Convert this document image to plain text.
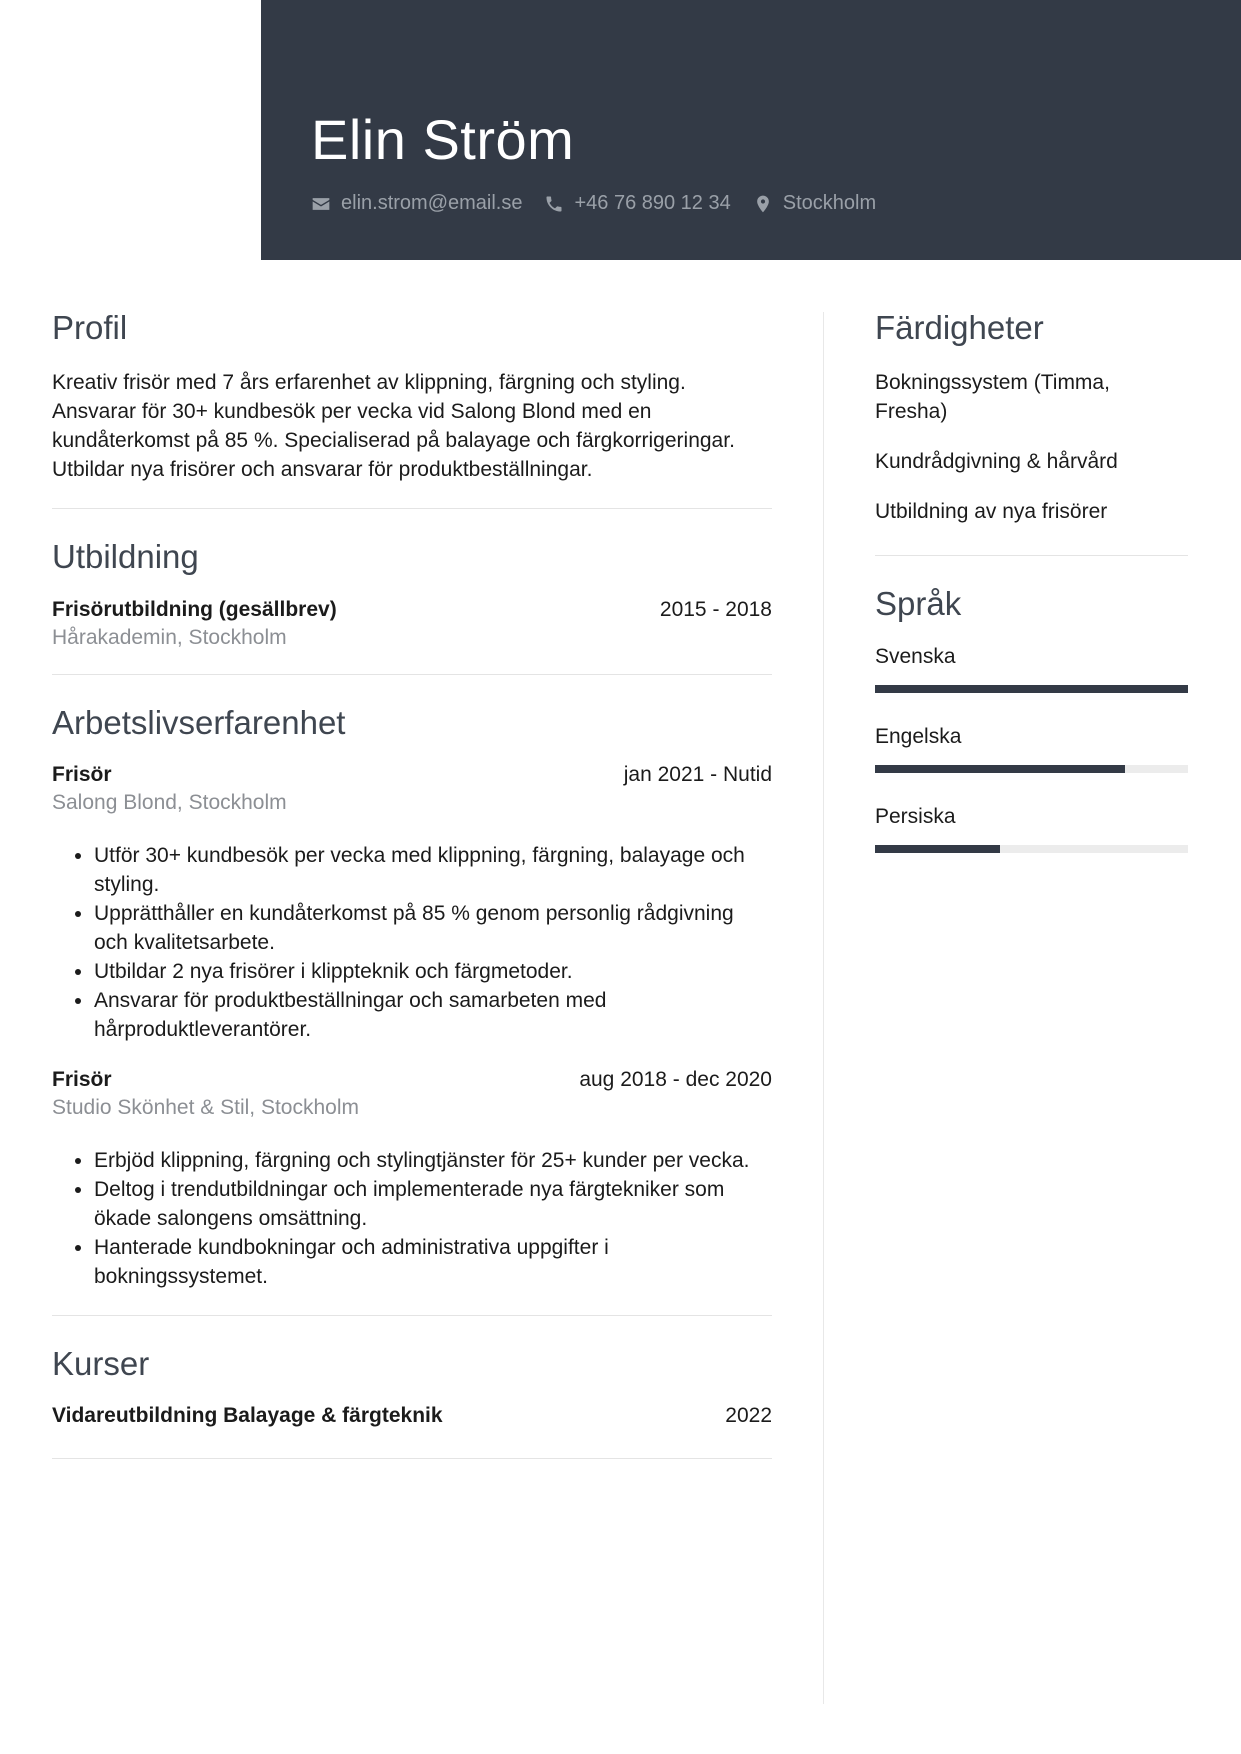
Elin Ström
elin.strom@email.se	+46 76 890 12 34	Stockholm
Profil

Kreativ frisör med 7 års erfarenhet av klippning, färgning och styling. Ansvarar för 30+ kundbesök per vecka vid Salong Blond med en kundåterkomst på 85 %. Specialiserad på balayage och färgkorrigeringar. Utbildar nya frisörer och ansvarar för produktbeställningar.

Utbildning
Frisörutbildning (gesällbrev)	2015 - 2018
Hårakademin, Stockholm
Arbetslivserfarenhet
Frisör	jan 2021 - Nutid
Salong Blond, Stockholm
• Utför 30+ kundbesök per vecka med klippning, färgning, balayage och styling.
• Upprätthåller en kundåterkomst på 85 % genom personlig rådgivning och kvalitetsarbete.
• Utbildar 2 nya frisörer i klippteknik och färgmetoder.
• Ansvarar för produktbeställningar och samarbeten med hårproduktleverantörer.
Frisör	aug 2018 - dec 2020
Studio Skönhet & Stil, Stockholm
• Erbjöd klippning, färgning och stylingtjänster för 25+ kunder per vecka.
• Deltog i trendutbildningar och implementerade nya färgtekniker som ökade salongens omsättning.
• Hanterade kundbokningar och administrativa uppgifter i bokningssystemet.
Kurser
Vidareutbildning Balayage & färgteknik	2022
Färdigheter
Bokningssystem (Timma, Fresha)
Kundrådgivning & hårvård
Utbildning av nya frisörer
Språk
Svenska
Engelska
Persiska
